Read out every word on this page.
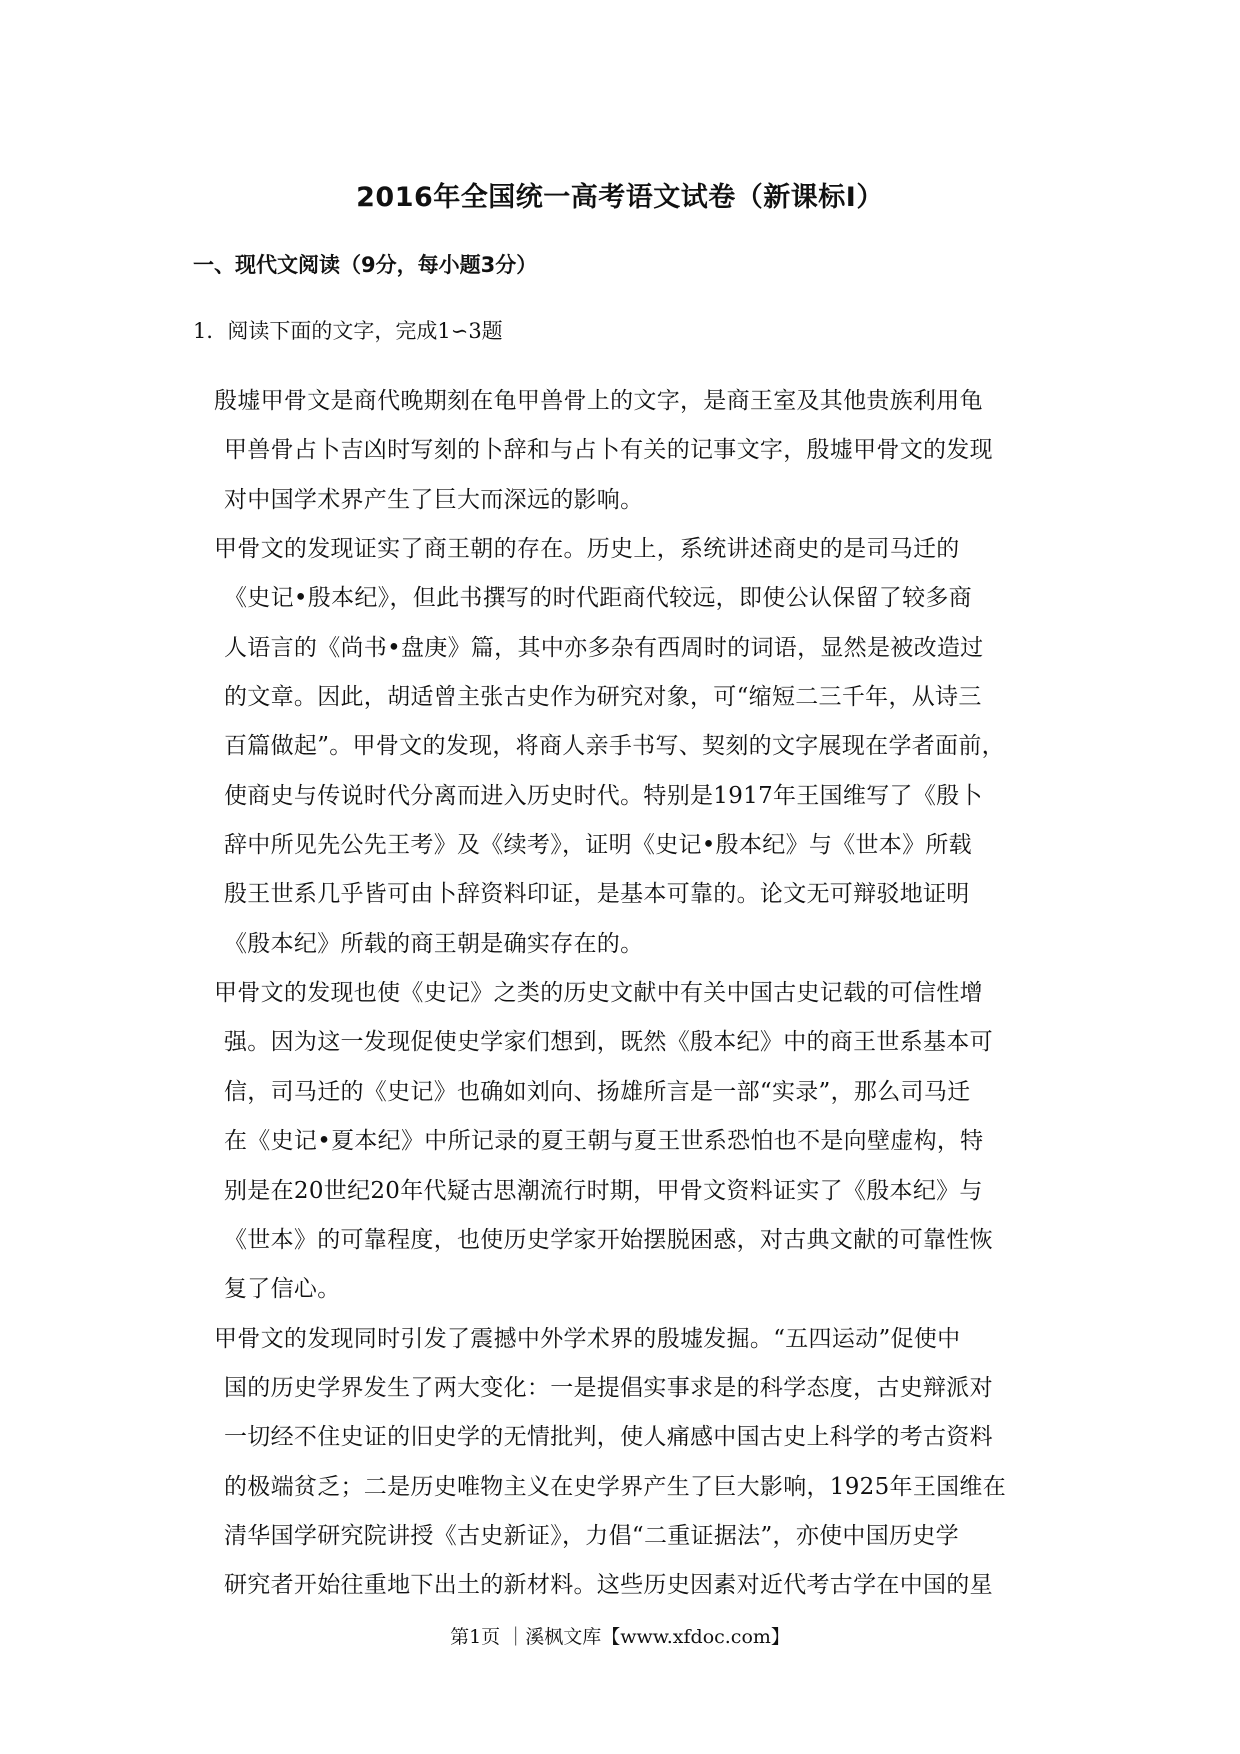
2016年全国统一高考语文试卷（新课标Ⅰ）
一、现代文阅读（9分，每小题3分）
1．阅读下面的文字，完成1∽3题
殷墟甲骨文是商代晚期刻在龟甲兽骨上的文字，是商王室及其他贵族利用龟
甲兽骨占卜吉凶时写刻的卜辞和与占卜有关的记事文字，殷墟甲骨文的发现
对中国学术界产生了巨大而深远的影响。
甲骨文的发现证实了商王朝的存在。历史上，系统讲述商史的是司马迁的
《史记•殷本纪》，但此书撰写的时代距商代较远，即使公认保留了较多商
人语言的《尚书•盘庚》篇，其中亦多杂有西周时的词语，显然是被改造过
的文章。因此，胡适曾主张古史作为研究对象，可“缩短二三千年，从诗三
百篇做起”。甲骨文的发现，将商人亲手书写、契刻的文字展现在学者面前，
使商史与传说时代分离而进入历史时代。特别是1917年王国维写了《殷卜
辞中所见先公先王考》及《续考》，证明《史记•殷本纪》与《世本》所载
殷王世系几乎皆可由卜辞资料印证，是基本可靠的。论文无可辩驳地证明
《殷本纪》所载的商王朝是确实存在的。
甲骨文的发现也使《史记》之类的历史文献中有关中国古史记载的可信性增
强。因为这一发现促使史学家们想到，既然《殷本纪》中的商王世系基本可
信，司马迁的《史记》也确如刘向、扬雄所言是一部“实录”，那么司马迁
在《史记•夏本纪》中所记录的夏王朝与夏王世系恐怕也不是向壁虚构，特
别是在20世纪20年代疑古思潮流行时期，甲骨文资料证实了《殷本纪》与
《世本》的可靠程度，也使历史学家开始摆脱困惑，对古典文献的可靠性恢
复了信心。
甲骨文的发现同时引发了震撼中外学术界的殷墟发掘。“五四运动”促使中
国的历史学界发生了两大变化：一是提倡实事求是的科学态度，古史辩派对
一切经不住史证的旧史学的无情批判，使人痛感中国古史上科学的考古资料
的极端贫乏；二是历史唯物主义在史学界产生了巨大影响，1925年王国维在
清华国学研究院讲授《古史新证》，力倡“二重证据法”，亦使中国历史学
研究者开始往重地下出土的新材料。这些历史因素对近代考古学在中国的星
第1页 ｜溪枫文库【www.xfdoc.com】
